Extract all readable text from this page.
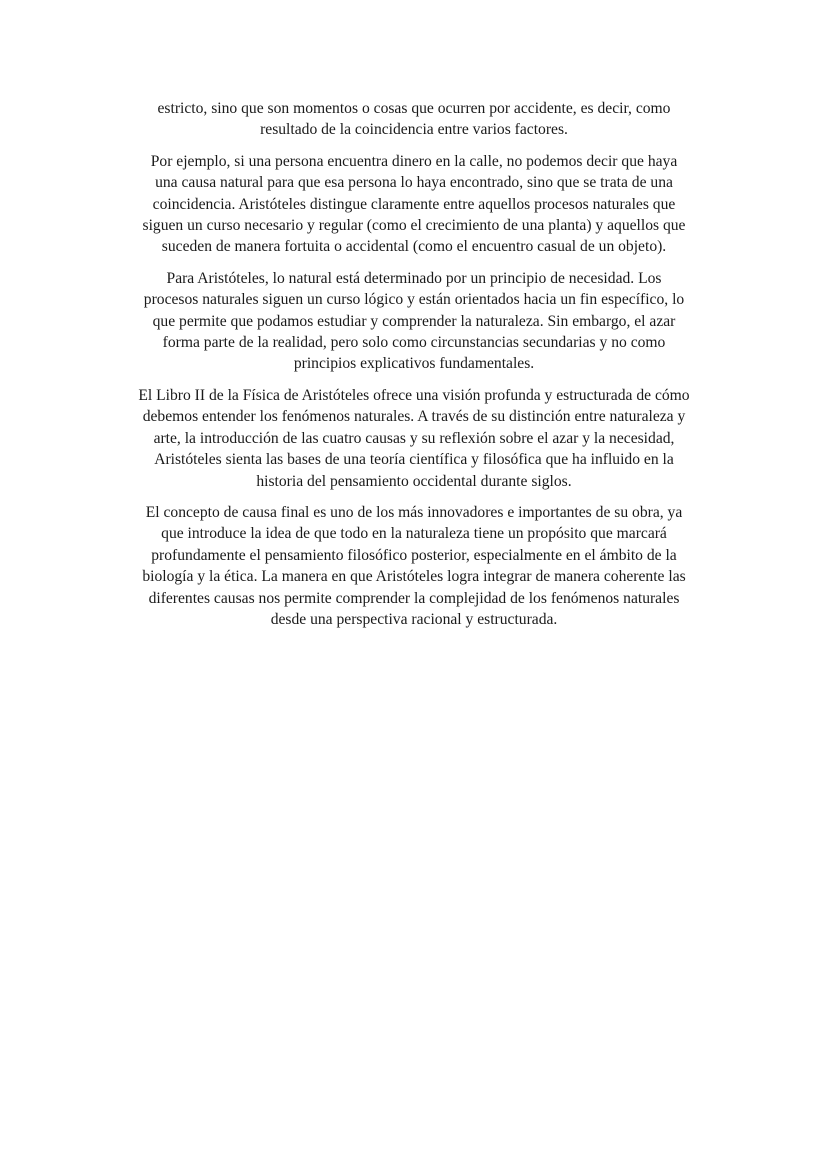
estricto, sino que son momentos o cosas que ocurren por accidente, es decir, como
resultado de la coincidencia entre varios factores.

Por ejemplo, si una persona encuentra dinero en la calle, no podemos decir que haya
una causa natural para que esa persona lo haya encontrado, sino que se trata de una
coincidencia. Aristóteles distingue claramente entre aquellos procesos naturales que
siguen un curso necesario y regular (como el crecimiento de una planta) y aquellos que
suceden de manera fortuita o accidental (como el encuentro casual de un objeto).

Para Aristóteles, lo natural está determinado por un principio de necesidad. Los
procesos naturales siguen un curso lógico y están orientados hacia un fin específico, lo
que permite que podamos estudiar y comprender la naturaleza. Sin embargo, el azar
forma parte de la realidad, pero solo como circunstancias secundarias y no como
principios explicativos fundamentales.

El Libro II de la Física de Aristóteles ofrece una visión profunda y estructurada de cómo
debemos entender los fenómenos naturales. A través de su distinción entre naturaleza y
arte, la introducción de las cuatro causas y su reflexión sobre el azar y la necesidad,
Aristóteles sienta las bases de una teoría científica y filosófica que ha influido en la
historia del pensamiento occidental durante siglos.

El concepto de causa final es uno de los más innovadores e importantes de su obra, ya
que introduce la idea de que todo en la naturaleza tiene un propósito que marcará
profundamente el pensamiento filosófico posterior, especialmente en el ámbito de la
biología y la ética. La manera en que Aristóteles logra integrar de manera coherente las
diferentes causas nos permite comprender la complejidad de los fenómenos naturales
desde una perspectiva racional y estructurada.
